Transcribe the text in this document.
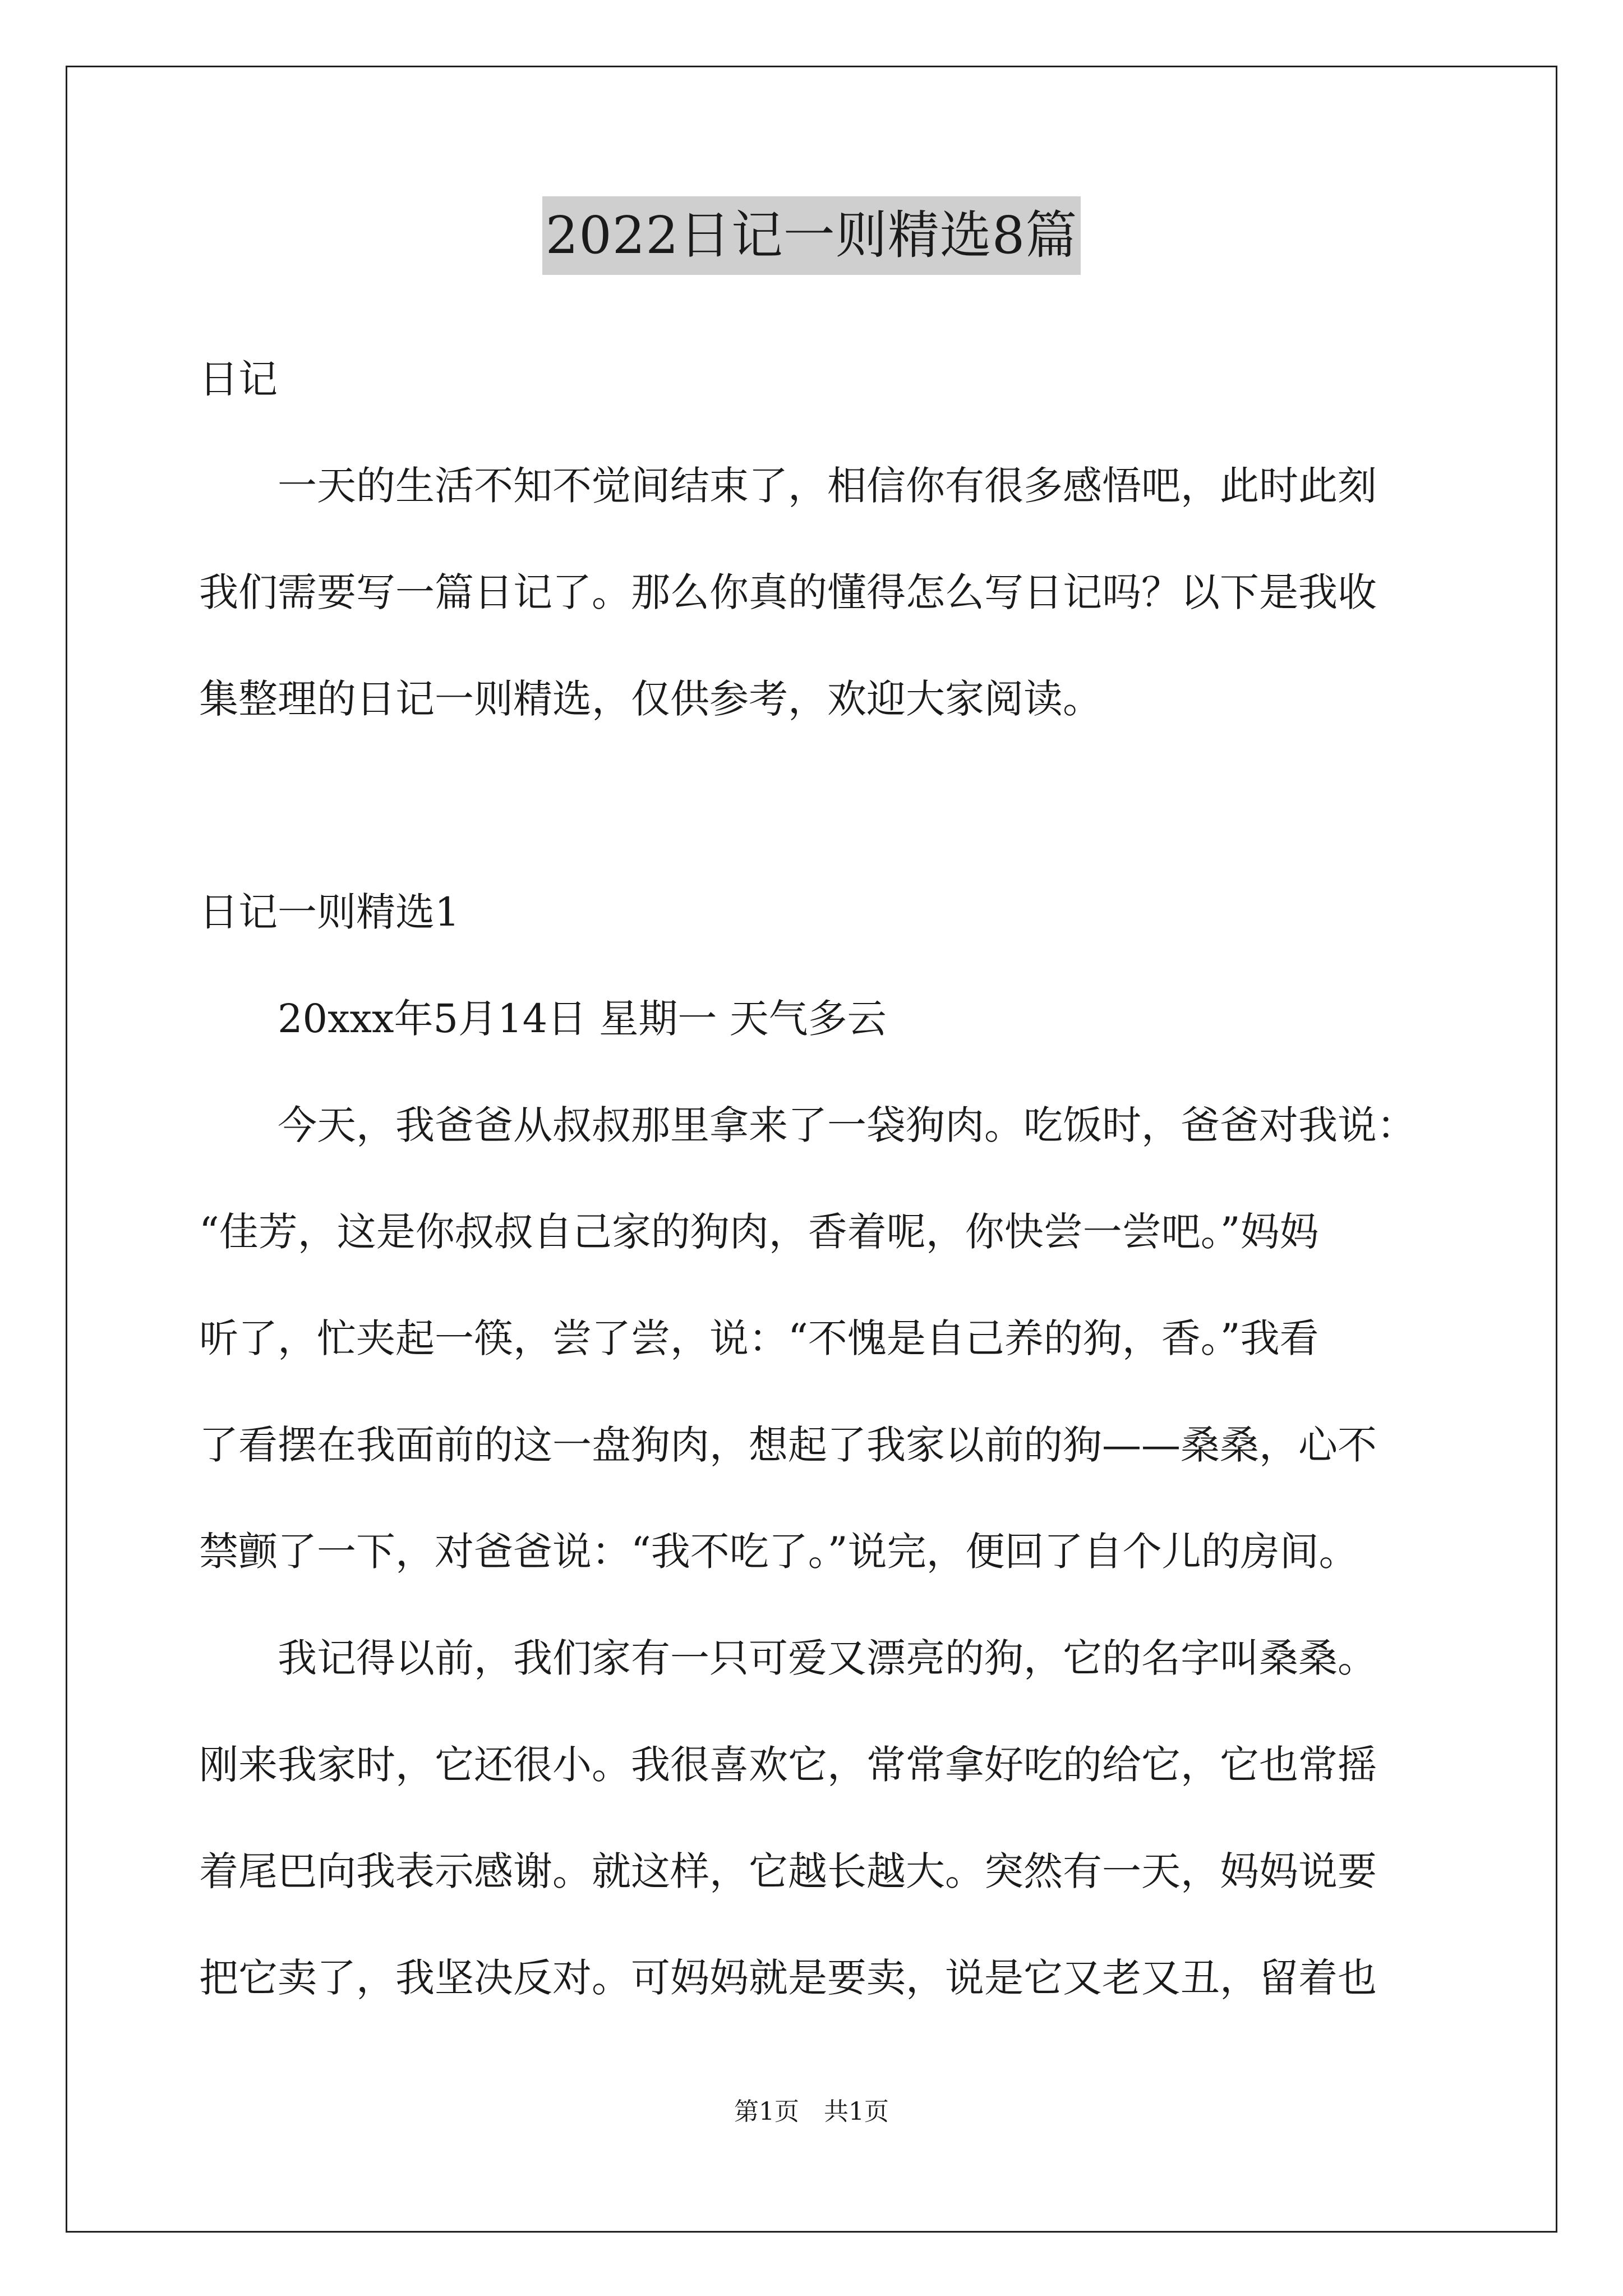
2022日记一则精选8篇
日记
一天的生活不知不觉间结束了，相信你有很多感悟吧，此时此刻
我们需要写一篇日记了。那么你真的懂得怎么写日记吗？以下是我收
集整理的日记一则精选，仅供参考，欢迎大家阅读。
日记一则精选1
20xxx年5月14日 星期一 天气多云
今天，我爸爸从叔叔那里拿来了一袋狗肉。吃饭时，爸爸对我说：
“佳芳，这是你叔叔自己家的狗肉，香着呢，你快尝一尝吧。”妈妈
听了，忙夹起一筷，尝了尝，说：“不愧是自己养的狗，香。”我看
了看摆在我面前的这一盘狗肉，想起了我家以前的狗——桑桑，心不
禁颤了一下，对爸爸说：“我不吃了。”说完，便回了自个儿的房间。
我记得以前，我们家有一只可爱又漂亮的狗，它的名字叫桑桑。
刚来我家时，它还很小。我很喜欢它，常常拿好吃的给它，它也常摇
着尾巴向我表示感谢。就这样，它越长越大。突然有一天，妈妈说要
把它卖了，我坚决反对。可妈妈就是要卖，说是它又老又丑，留着也
第1页　共1页
